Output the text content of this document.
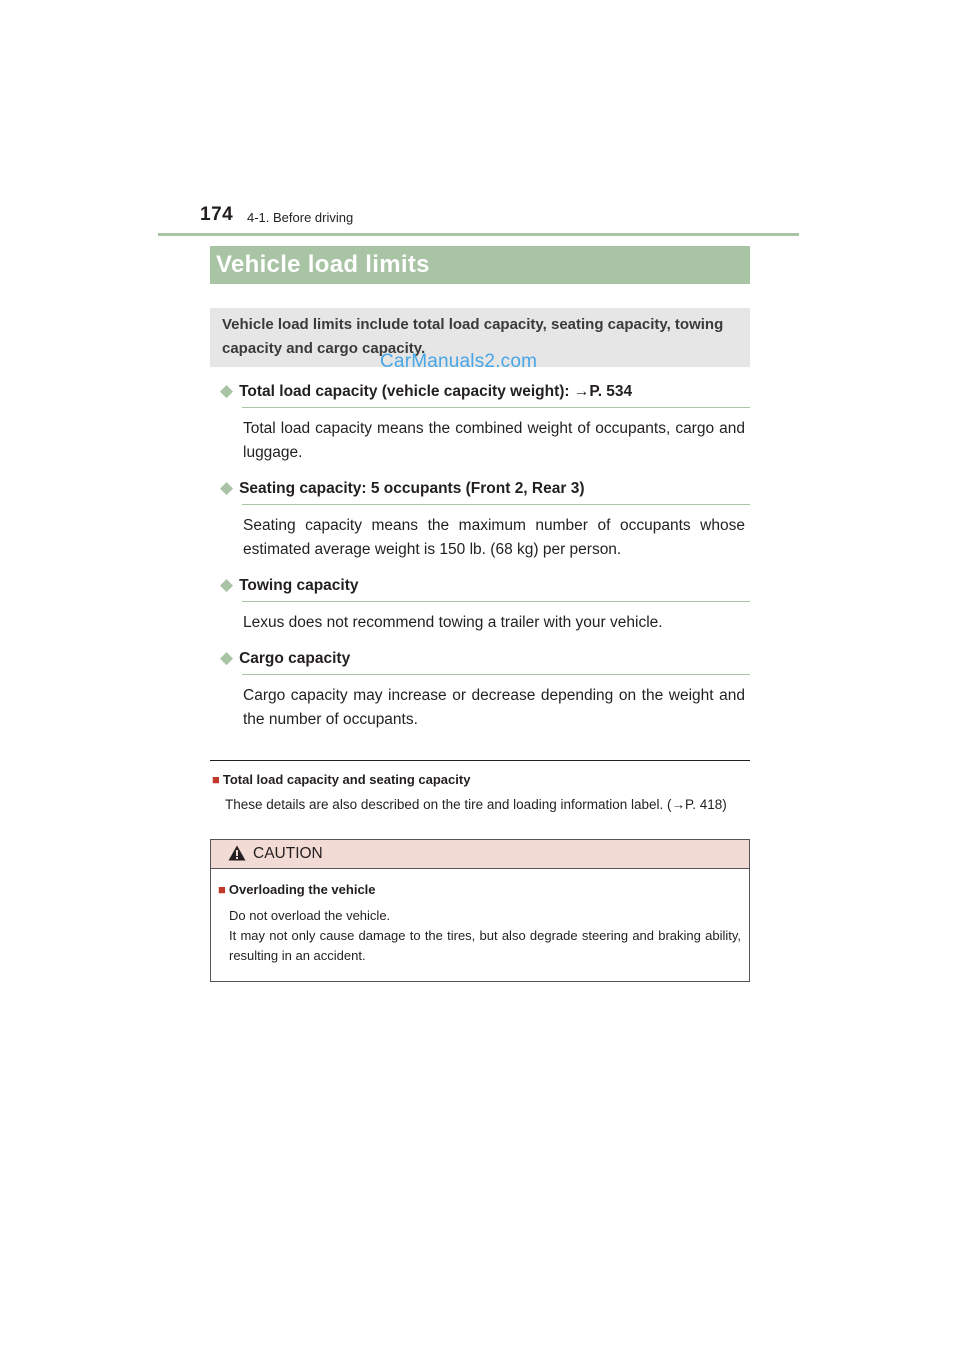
174 4-1. Before driving
Vehicle load limits
Vehicle load limits include total load capacity, seating capacity, towing capacity and cargo capacity.
CarManuals2.com
◆ Total load capacity (vehicle capacity weight): →P. 534
Total load capacity means the combined weight of occupants, cargo and luggage.
◆ Seating capacity: 5 occupants (Front 2, Rear 3)
Seating capacity means the maximum number of occupants whose estimated average weight is 150 lb. (68 kg) per person.
◆ Towing capacity
Lexus does not recommend towing a trailer with your vehicle.
◆ Cargo capacity
Cargo capacity may increase or decrease depending on the weight and the number of occupants.
■ Total load capacity and seating capacity
These details are also described on the tire and loading information label. (→P. 418)
CAUTION
■ Overloading the vehicle

Do not overload the vehicle.

It may not only cause damage to the tires, but also degrade steering and braking ability, resulting in an accident.
